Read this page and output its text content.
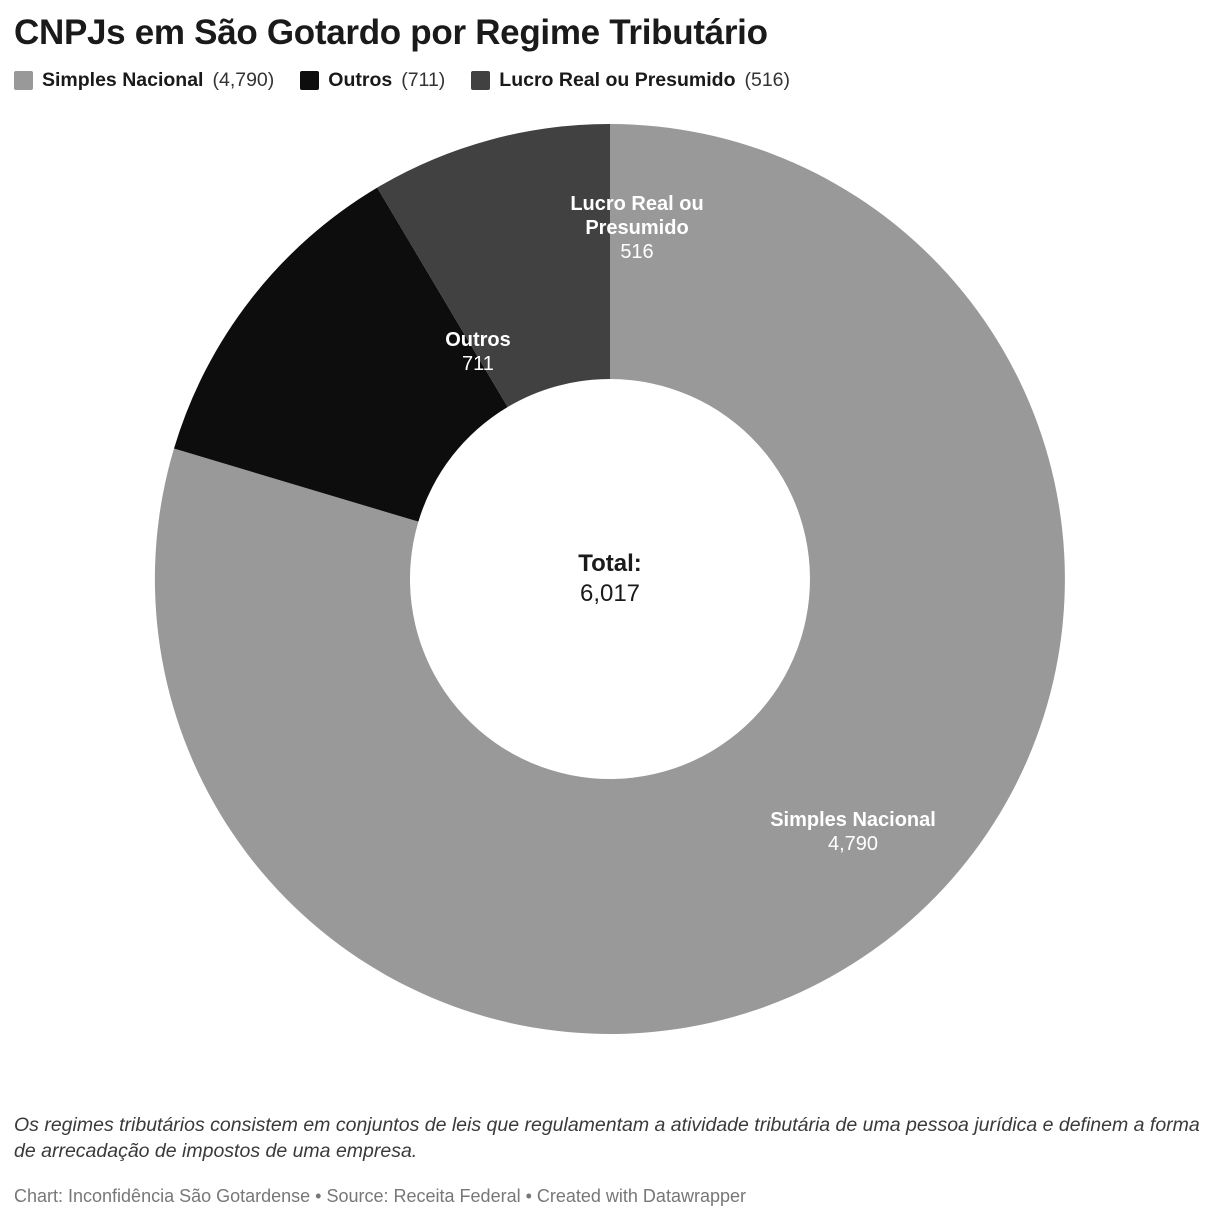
CNPJs em São Gotardo por Regime Tributário
Simples Nacional (4,790)	Outros (711)	Lucro Real ou Presumido (516)
Total:
6,017
Lucro Real ou
Presumido
516
Outros
711
Simples Nacional
4,790
Os regimes tributários consistem em conjuntos de leis que regulamentam a atividade tributária de uma pessoa jurídica e definem a forma de arrecadação de impostos de uma empresa.
Chart: Inconfidência São Gotardense • Source: Receita Federal • Created with Datawrapper
